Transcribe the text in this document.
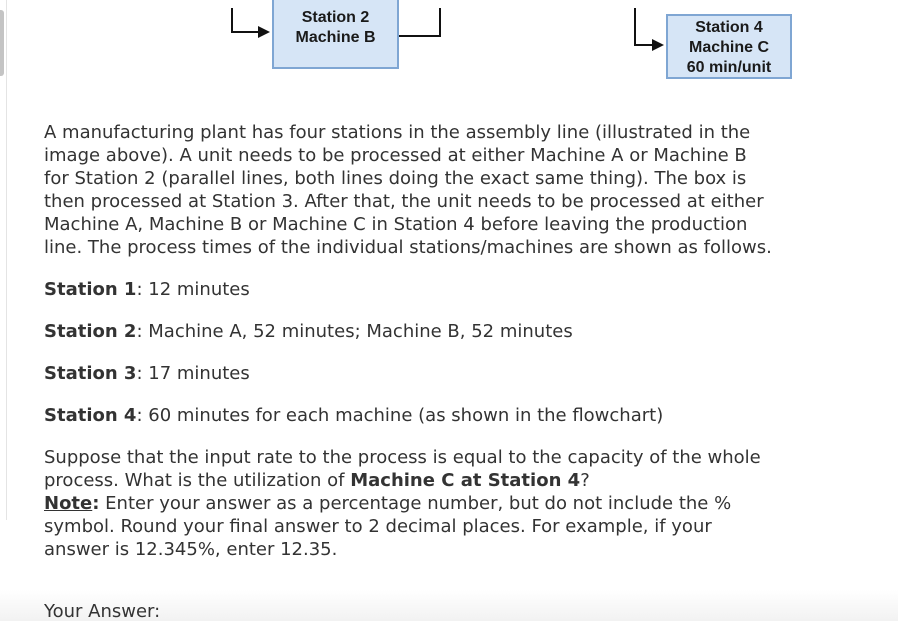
Station 2
Machine B
Station 4
Machine C
60 min/unit

A manufacturing plant has four stations in the assembly line (illustrated in the image above). A unit needs to be processed at either Machine A or Machine B for Station 2 (parallel lines, both lines doing the exact same thing). The box is then processed at Station 3. After that, the unit needs to be processed at either Machine A, Machine B or Machine C in Station 4 before leaving the production line. The process times of the individual stations/machines are shown as follows.

Station 1: 12 minutes

Station 2: Machine A, 52 minutes; Machine B, 52 minutes

Station 3: 17 minutes

Station 4: 60 minutes for each machine (as shown in the flowchart)

Suppose that the input rate to the process is equal to the capacity of the whole process. What is the utilization of Machine C at Station 4?

Note: Enter your answer as a percentage number, but do not include the % symbol. Round your final answer to 2 decimal places. For example, if your answer is 12.345%, enter 12.35.

Your Answer:
